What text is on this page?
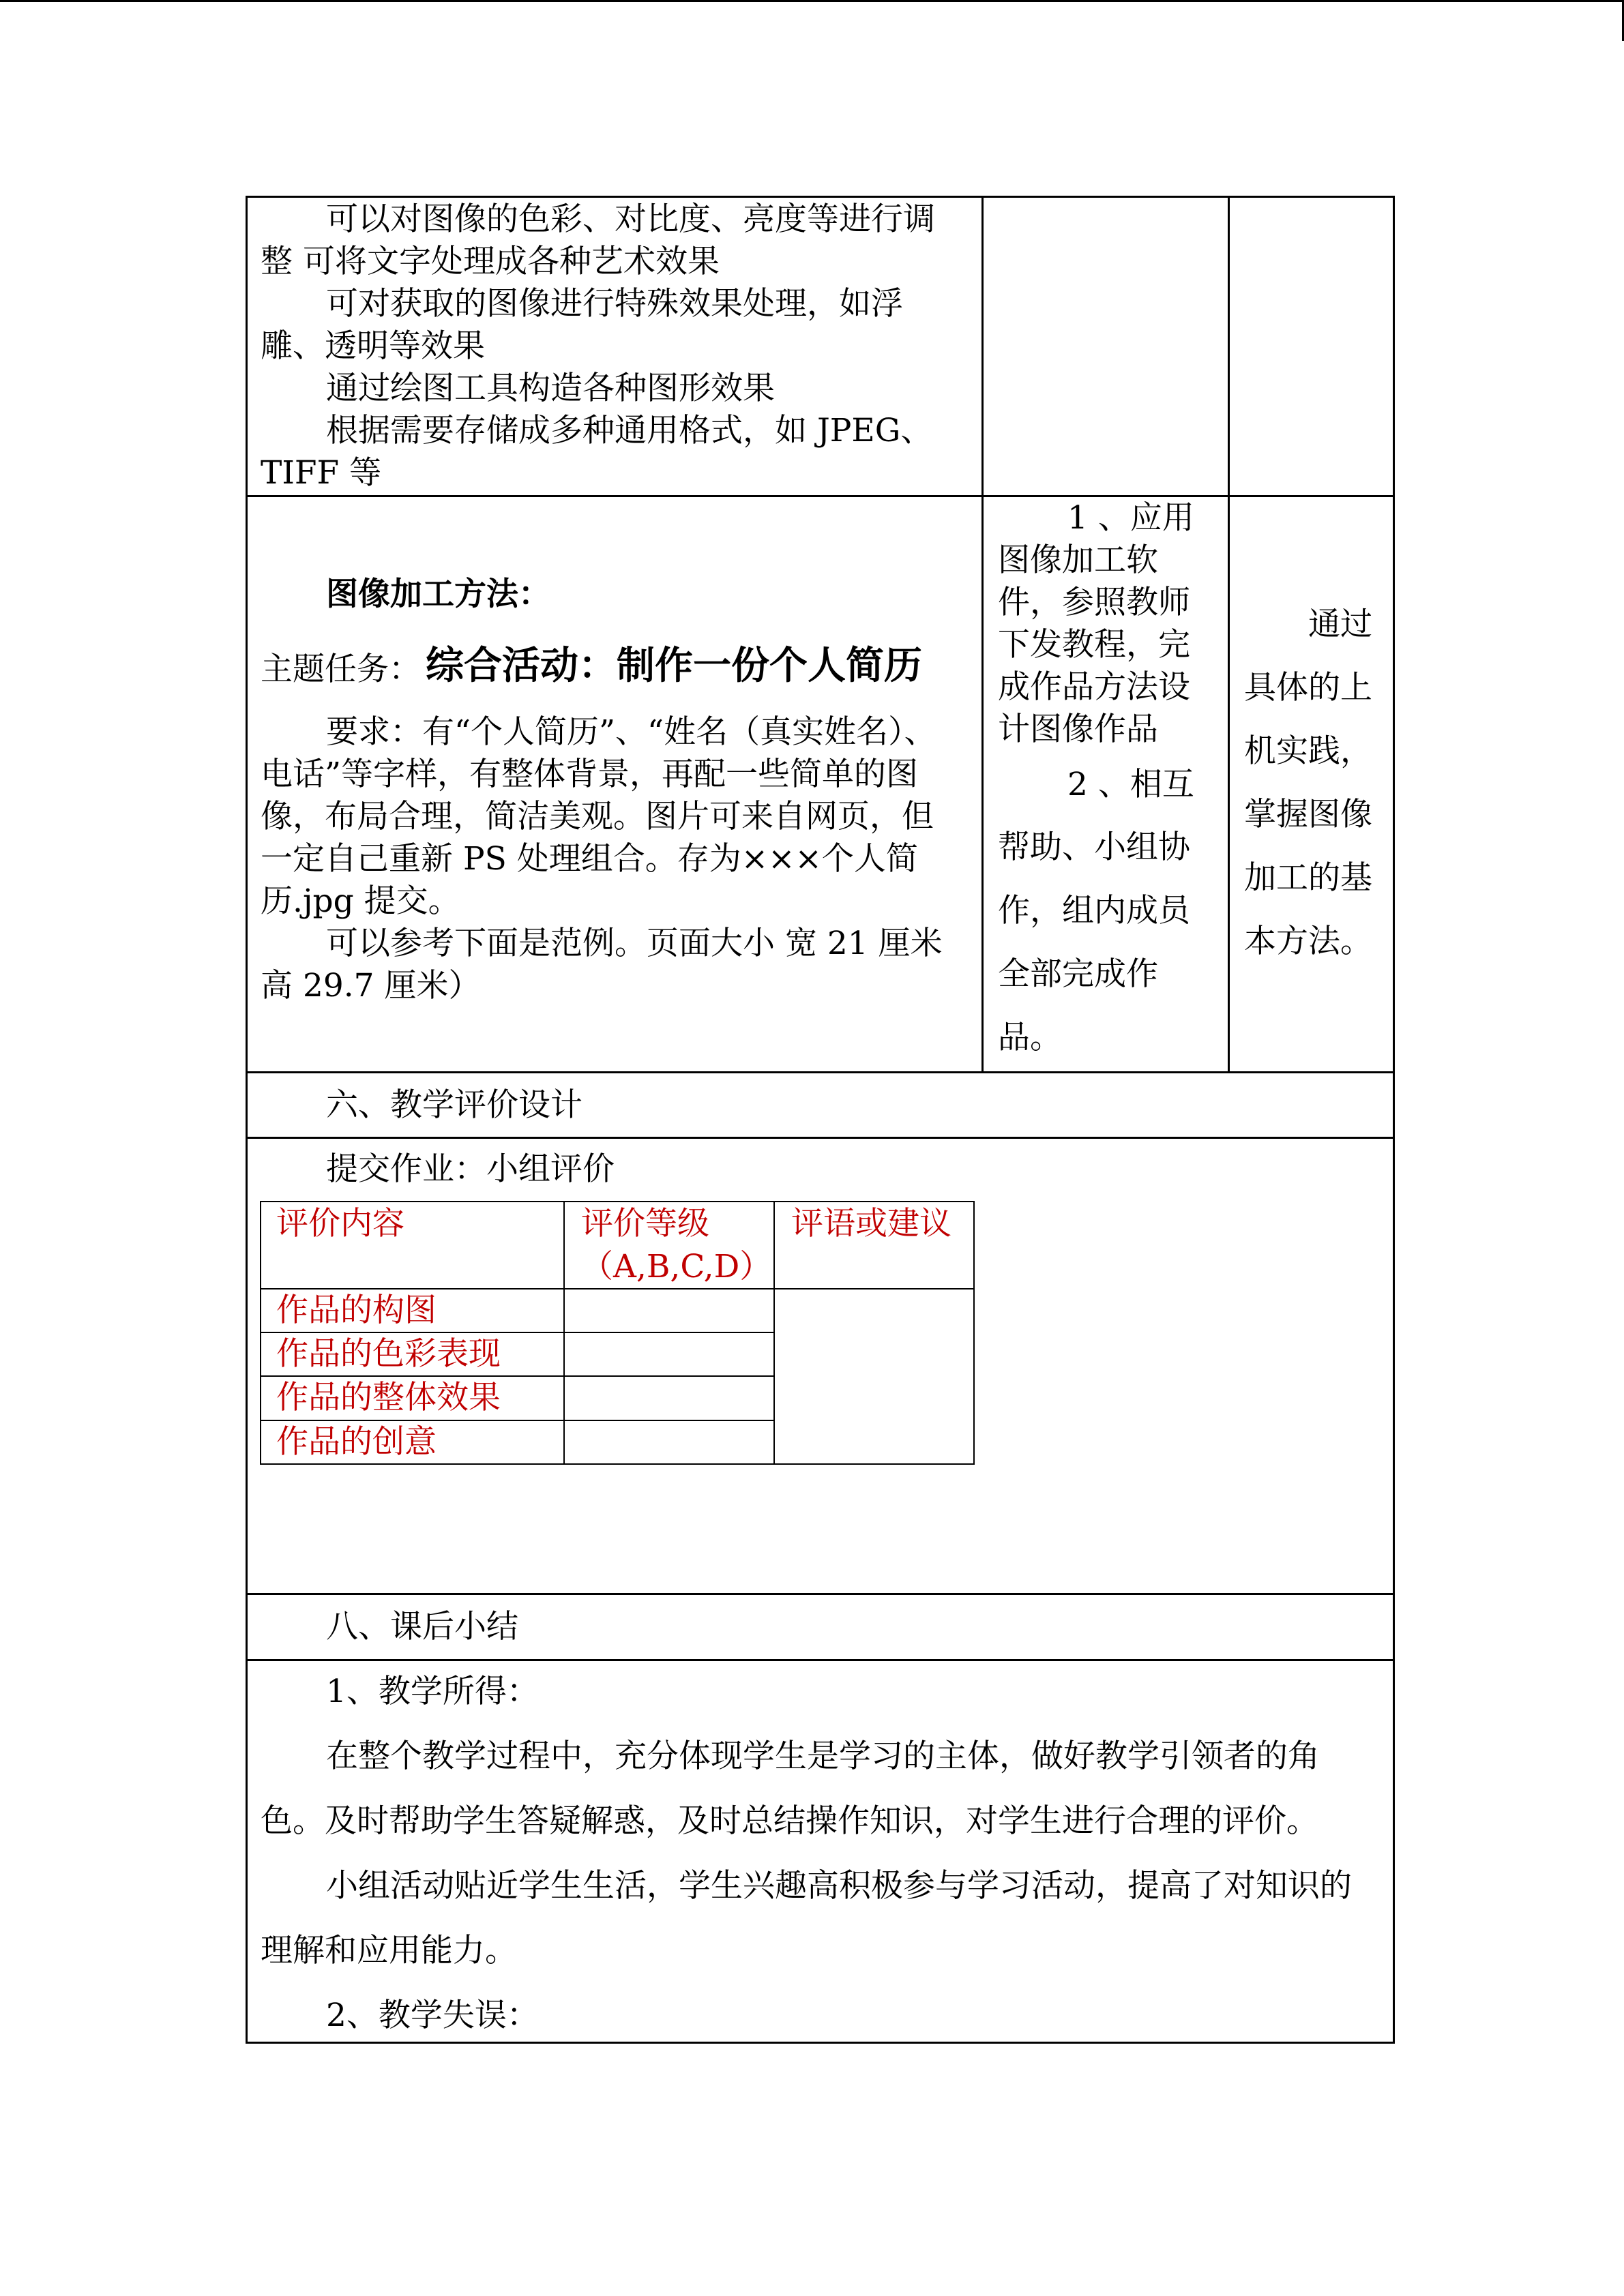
可以对图像的色彩、对比度、亮度等进行调
整 可将文字处理成各种艺术效果
可对获取的图像进行特殊效果处理，如浮
雕、透明等效果
通过绘图工具构造各种图形效果
根据需要存储成多种通用格式，如 JPEG、
TIFF 等
图像加工方法：
主题任务： 综合活动：制作一份个人简历
要求：有“个人简历”、“姓名（真实姓名）、
电话”等字样，有整体背景，再配一些简单的图
像，布局合理，简洁美观。图片可来自网页，但
一定自己重新 PS 处理组合。存为×××个人简
历.jpg 提交。
可以参考下面是范例。页面大小 宽 21 厘米
高 29.7 厘米）
1 、应用
图像加工软
件，参照教师
下发教程，完
成作品方法设
计图像作品
2 、相互
帮助、小组协
作，组内成员
全部完成作
品。
通过
具体的上
机实践，
掌握图像
加工的基
本方法。
六、教学评价设计
提交作业：小组评价
评价内容	评价等级
（A,B,C,D）
评语或建议
作品的构图
作品的色彩表现
作品的整体效果
作品的创意
八、课后小结
1、教学所得：
在整个教学过程中，充分体现学生是学习的主体，做好教学引领者的角
色。及时帮助学生答疑解惑，及时总结操作知识，对学生进行合理的评价。
小组活动贴近学生生活，学生兴趣高积极参与学习活动，提高了对知识的
理解和应用能力。
2、教学失误：
